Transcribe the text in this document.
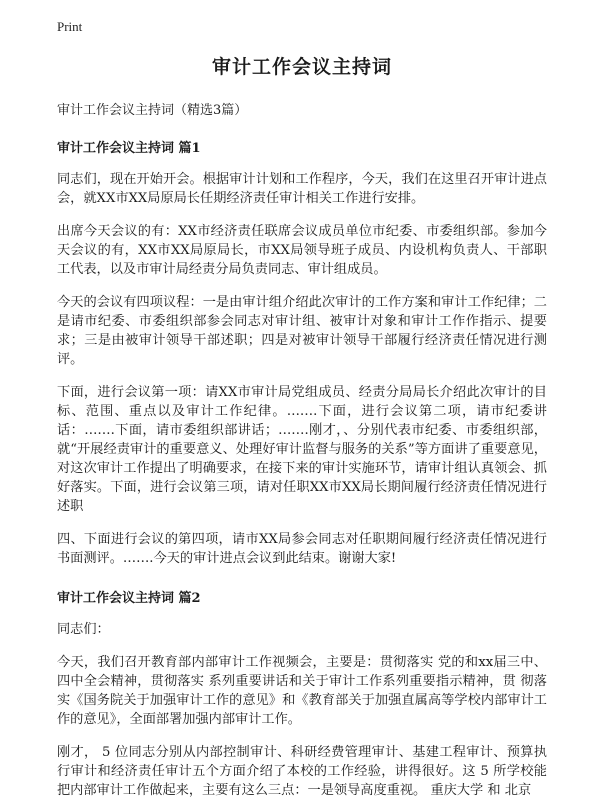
Print
审计工作会议主持词
审计工作会议主持词（精选3篇）
审计工作会议主持词 篇1

同志们，现在开始开会。根据审计计划和工作程序，今天，我们在这里召开审计进点会，就XX市XX局原局长任期经济责任审计相关工作进行安排。

出席今天会议的有：XX市经济责任联席会议成员单位市纪委、市委组织部。参加今天会议的有，XX市XX局原局长，市XX局领导班子成员、内设机构负责人、干部职工代表，以及市审计局经责分局负责同志、审计组成员。

今天的会议有四项议程：一是由审计组介绍此次审计的工作方案和审计工作纪律；二是请市纪委、市委组织部参会同志对审计组、被审计对象和审计工作作指示、提要求；三是由被审计领导干部述职；四是对被审计领导干部履行经济责任情况进行测评。

下面，进行会议第一项：请XX市审计局党组成员、经责分局局长介绍此次审计的目标、范围、重点以及审计工作纪律。…….下面，进行会议第二项，请市纪委讲话：…….下面，请市委组织部讲话；…….刚才，、分别代表市纪委、市委组织部，就“开展经责审计的重要意义、处理好审计监督与服务的关系”等方面讲了重要意见，对这次审计工作提出了明确要求，在接下来的审计实施环节，请审计组认真领会、抓好落实。下面，进行会议第三项，请对任职XX市XX局长期间履行经济责任情况进行述职

四、下面进行会议的第四项，请市XX局参会同志对任职期间履行经济责任情况进行书面测评。…….今天的审计进点会议到此结束。谢谢大家!

审计工作会议主持词 篇2

同志们：

今天，我们召开教育部内部审计工作视频会，主要是：贯彻落实 党的和xx届三中、四中全会精神，贯彻落实 系列重要讲话和关于审计工作系列重要指示精神，贯 彻落实《国务院关于加强审计工作的意见》和《教育部关于加强直属高等学校内部审计工作的意见》，全面部署加强内部审计工作。

刚才， 5 位同志分别从内部控制审计、科研经费管理审计、基建工程审计、预算执行审计和经济责任审计五个方面介绍了本校的工作经验，讲得很好。这 5 所学校能把内部审计工作做起来，主要有这么三点：一是领导高度重视。 重庆大学 和 北京
